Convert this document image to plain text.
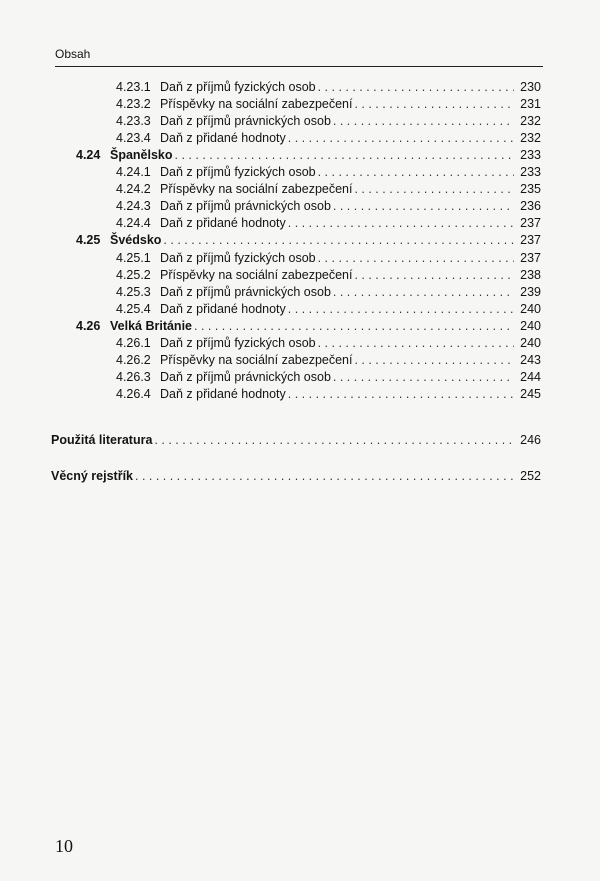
Obsah
4.23.1 Daň z příjmů fyzických osob . . .	230
4.23.2 Příspěvky na sociální zabezpečení . . .	231
4.23.3 Daň z příjmů právnických osob . . .	232
4.23.4 Daň z přidané hodnoty . . .	232
4.24 Španělsko . . .	233
4.24.1 Daň z příjmů fyzických osob . . .	233
4.24.2 Příspěvky na sociální zabezpečení . . .	235
4.24.3 Daň z příjmů právnických osob . . .	236
4.24.4 Daň z přidané hodnoty . . .	237
4.25 Švédsko . . .	237
4.25.1 Daň z příjmů fyzických osob . . .	237
4.25.2 Příspěvky na sociální zabezpečení . . .	238
4.25.3 Daň z příjmů právnických osob . . .	239
4.25.4 Daň z přidané hodnoty . . .	240
4.26 Velká Británie . . .	240
4.26.1 Daň z příjmů fyzických osob . . .	240
4.26.2 Příspěvky na sociální zabezpečení . . .	243
4.26.3 Daň z příjmů právnických osob . . .	244
4.26.4 Daň z přidané hodnoty . . .	245
Použitá literatura . . .	246
Věcný rejstřík . . .	252
10
